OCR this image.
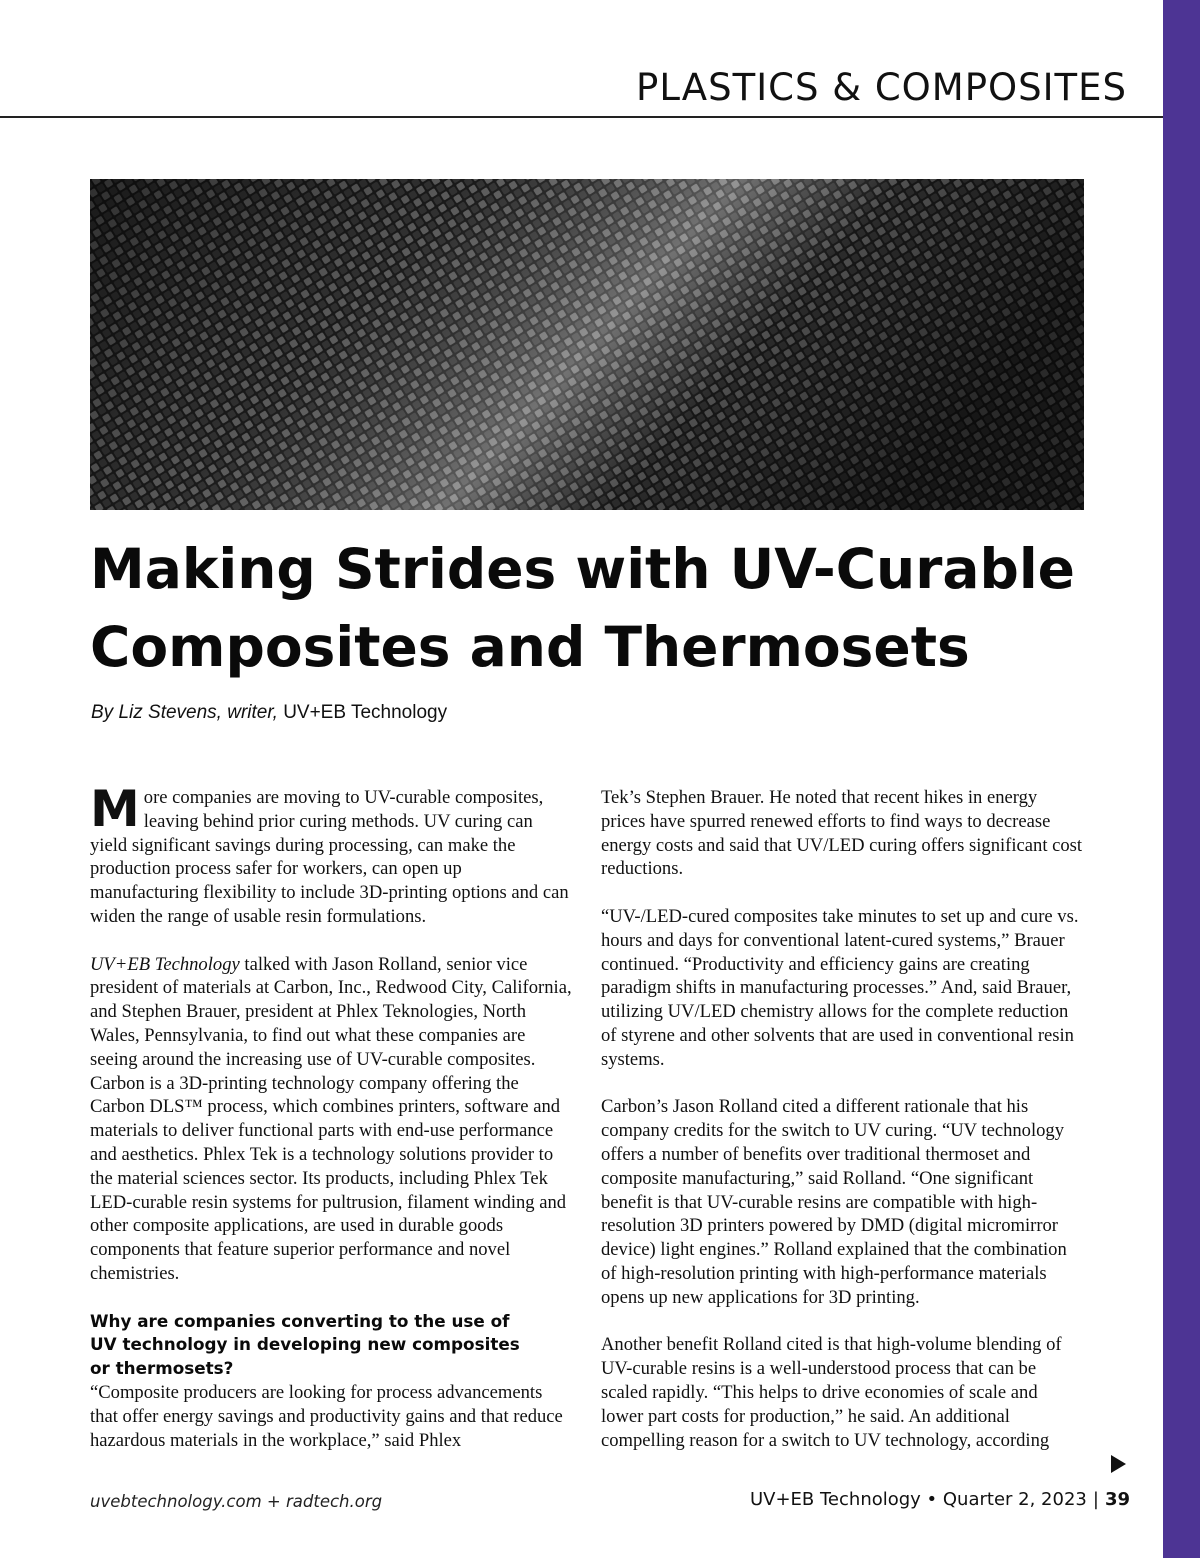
PLASTICS & COMPOSITES
Making Strides with UV-Curable Composites and Thermosets
By Liz Stevens, writer, UV+EB Technology

More companies are moving to UV-curable composites, leaving behind prior curing methods. UV curing can yield significant savings during processing, can make the production process safer for workers, can open up manufacturing flexibility to include 3D-printing options and can widen the range of usable resin formulations.

UV+EB Technology talked with Jason Rolland, senior vice president of materials at Carbon, Inc., Redwood City, California, and Stephen Brauer, president at Phlex Teknologies, North Wales, Pennsylvania, to find out what these companies are seeing around the increasing use of UV-curable composites. Carbon is a 3D-printing technology company offering the Carbon DLS™ process, which combines printers, software and materials to deliver functional parts with end-use performance and aesthetics. Phlex Tek is a technology solutions provider to the material sciences sector. Its products, including Phlex Tek LED-curable resin systems for pultrusion, filament winding and other composite applications, are used in durable goods components that feature superior performance and novel chemistries.

Why are companies converting to the use of UV technology in developing new composites or thermosets?

“Composite producers are looking for process advancements that offer energy savings and productivity gains and that reduce hazardous materials in the workplace,” said Phlex

Tek’s Stephen Brauer. He noted that recent hikes in energy prices have spurred renewed efforts to find ways to decrease energy costs and said that UV/LED curing offers significant cost reductions.

“UV-/LED-cured composites take minutes to set up and cure vs. hours and days for conventional latent-cured systems,” Brauer continued. “Productivity and efficiency gains are creating paradigm shifts in manufacturing processes.” And, said Brauer, utilizing UV/LED chemistry allows for the complete reduction of styrene and other solvents that are used in conventional resin systems.

Carbon’s Jason Rolland cited a different rationale that his company credits for the switch to UV curing. “UV technology offers a number of benefits over traditional thermoset and composite manufacturing,” said Rolland. “One significant benefit is that UV-curable resins are compatible with high-resolution 3D printers powered by DMD (digital micromirror device) light engines.” Rolland explained that the combination of high-resolution printing with high-performance materials opens up new applications for 3D printing.

Another benefit Rolland cited is that high-volume blending of UV-curable resins is a well-understood process that can be scaled rapidly. “This helps to drive economies of scale and lower part costs for production,” he said. An additional compelling reason for a switch to UV technology, according

uvebtechnology.com + radtech.org	UV+EB Technology • Quarter 2, 2023 | 39
